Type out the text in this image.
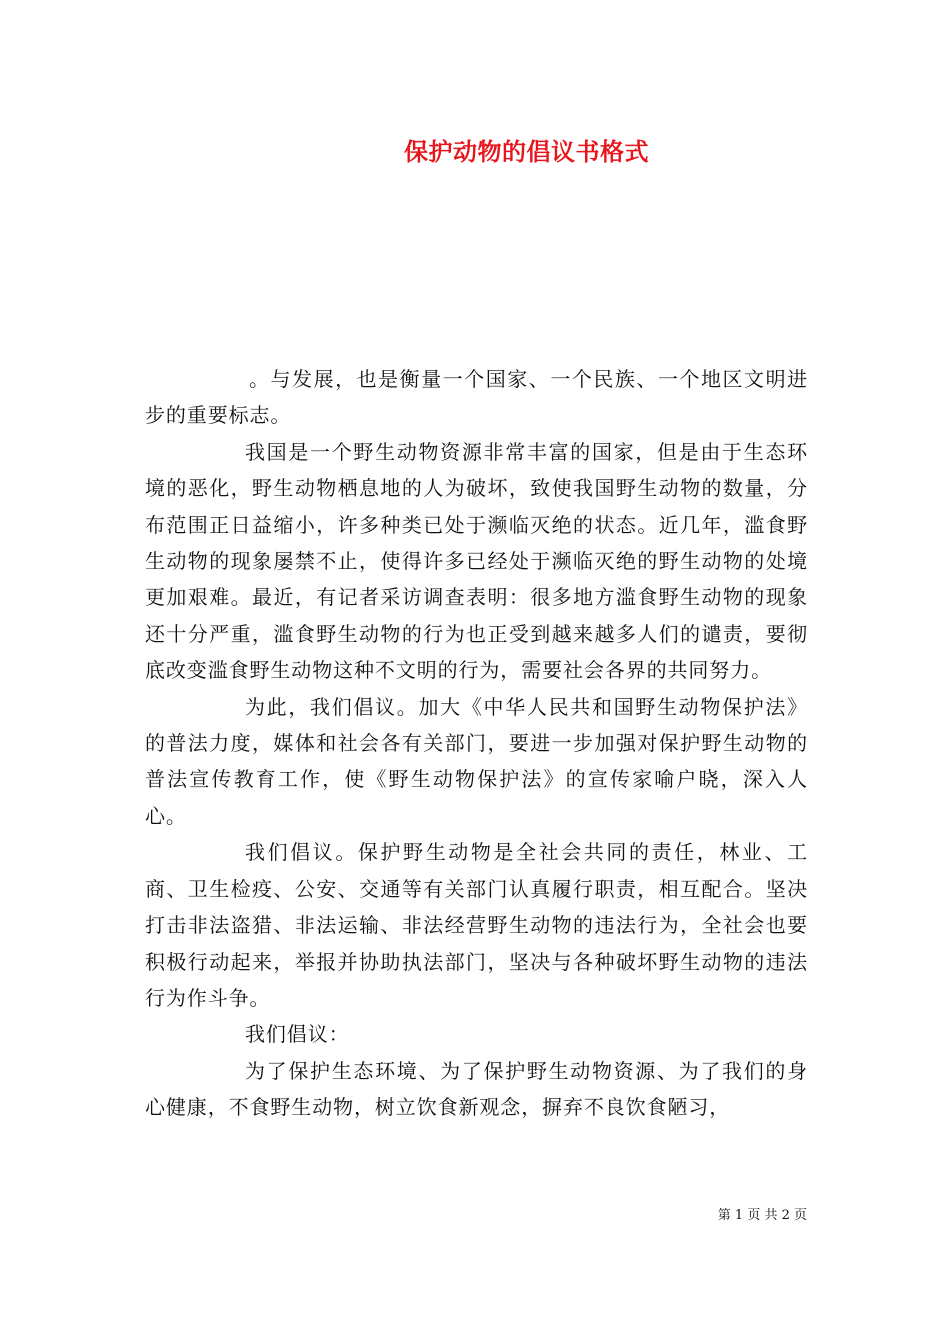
保护动物的倡议书格式

。与发展，也是衡量一个国家、一个民族、一个地区文明进步的重要标志。

我国是一个野生动物资源非常丰富的国家，但是由于生态环境的恶化，野生动物栖息地的人为破坏，致使我国野生动物的数量，分布范围正日益缩小，许多种类已处于濒临灭绝的状态。近几年，滥食野生动物的现象屡禁不止，使得许多已经处于濒临灭绝的野生动物的处境更加艰难。最近，有记者采访调查表明：很多地方滥食野生动物的现象还十分严重，滥食野生动物的行为也正受到越来越多人们的谴责，要彻底改变滥食野生动物这种不文明的行为，需要社会各界的共同努力。

为此，我们倡议。加大《中华人民共和国野生动物保护法》的普法力度，媒体和社会各有关部门，要进一步加强对保护野生动物的普法宣传教育工作，使《野生动物保护法》的宣传家喻户晓，深入人心。

我们倡议。保护野生动物是全社会共同的责任，林业、工商、卫生检疫、公安、交通等有关部门认真履行职责，相互配合。坚决打击非法盗猎、非法运输、非法经营野生动物的违法行为，全社会也要积极行动起来，举报并协助执法部门，坚决与各种破坏野生动物的违法行为作斗争。

我们倡议：

为了保护生态环境、为了保护野生动物资源、为了我们的身心健康，不食野生动物，树立饮食新观念，摒弃不良饮食陋习，

第 1 页 共 2 页
